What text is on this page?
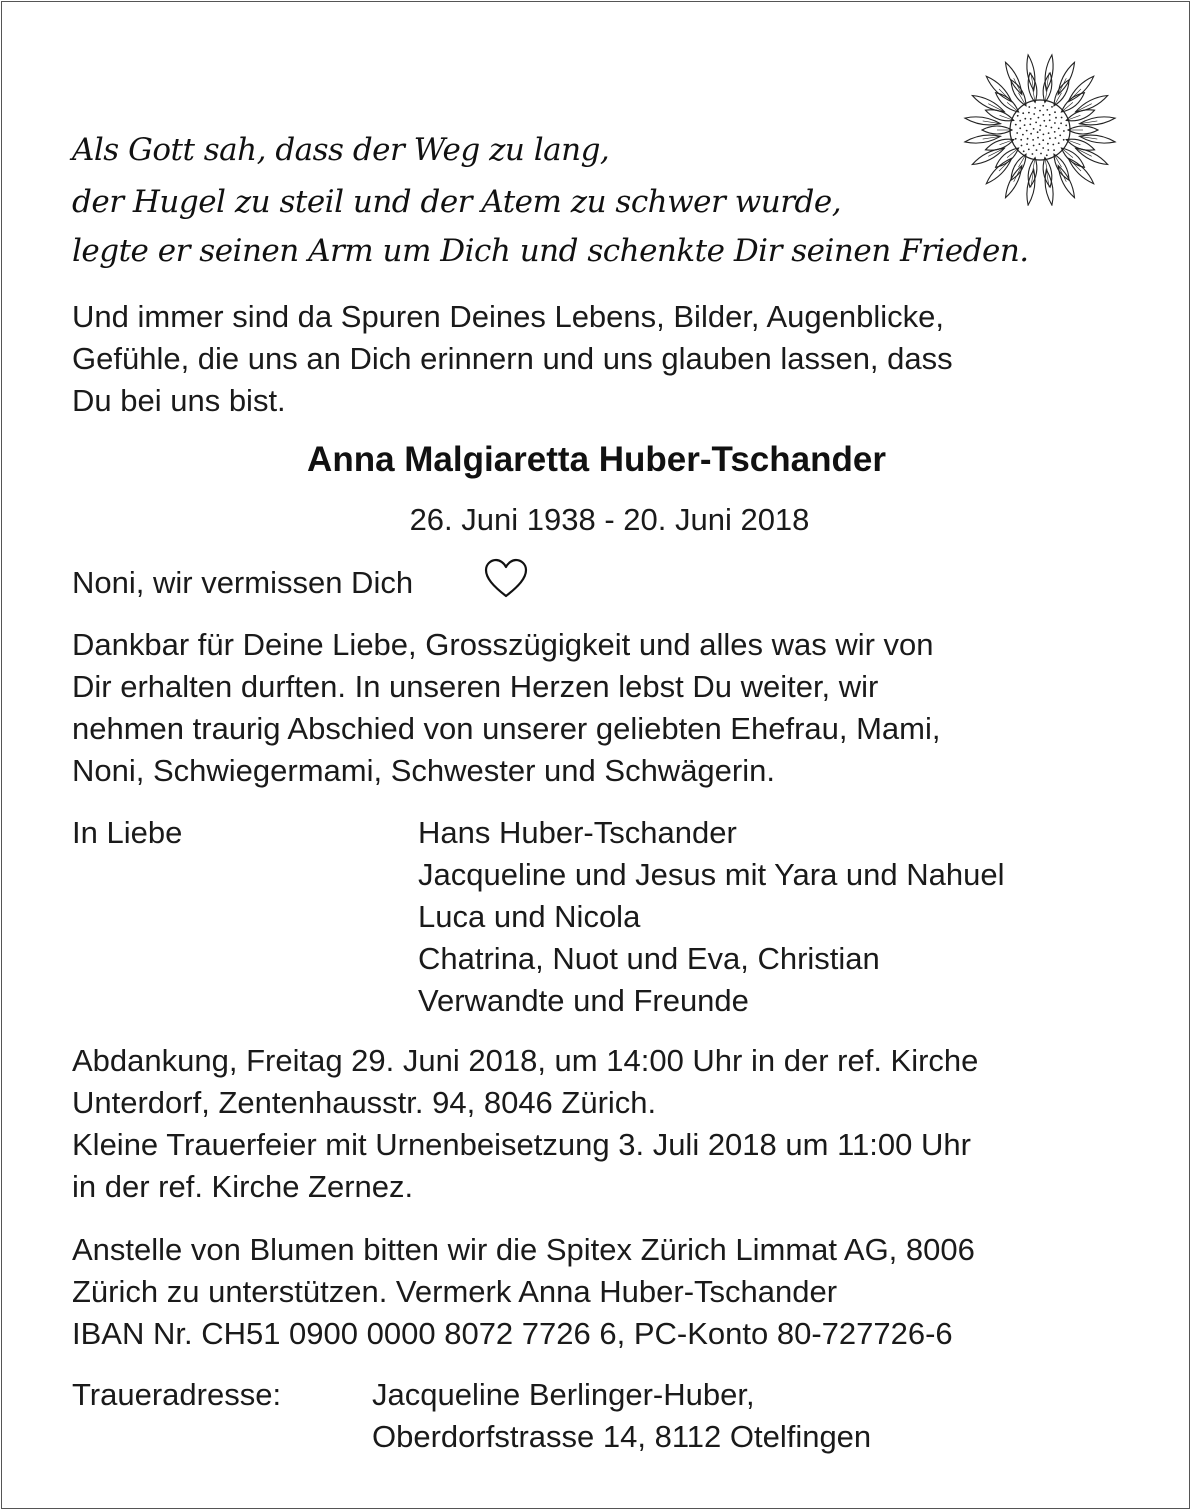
Als Gott sah, dass der Weg zu lang,
der Hugel zu steil und der Atem zu schwer wurde,
legte er seinen Arm um Dich und schenkte Dir seinen Frieden.
Und immer sind da Spuren Deines Lebens, Bilder, Augenblicke,
Gefühle, die uns an Dich erinnern und uns glauben lassen, dass
Du bei uns bist.
Anna Malgiaretta Huber-Tschander
26. Juni 1938 - 20. Juni 2018
Noni, wir vermissen Dich
Dankbar für Deine Liebe, Grosszügigkeit und alles was wir von
Dir erhalten durften. In unseren Herzen lebst Du weiter, wir
nehmen traurig Abschied von unserer geliebten Ehefrau, Mami,
Noni, Schwiegermami, Schwester und Schwägerin.
In Liebe	Hans Huber-Tschander
Jacqueline und Jesus mit Yara und Nahuel
Luca und Nicola
Chatrina, Nuot und Eva, Christian
Verwandte und Freunde
Abdankung, Freitag 29. Juni 2018, um 14:00 Uhr in der ref. Kirche
Unterdorf, Zentenhausstr. 94, 8046 Zürich.
Kleine Trauerfeier mit Urnenbeisetzung 3. Juli 2018 um 11:00 Uhr
in der ref. Kirche Zernez.
Anstelle von Blumen bitten wir die Spitex Zürich Limmat AG, 8006
Zürich zu unterstützen. Vermerk Anna Huber-Tschander
IBAN Nr. CH51 0900 0000 8072 7726 6, PC-Konto 80-727726-6
Traueradresse:	Jacqueline Berlinger-Huber,
Oberdorfstrasse 14, 8112 Otelfingen
